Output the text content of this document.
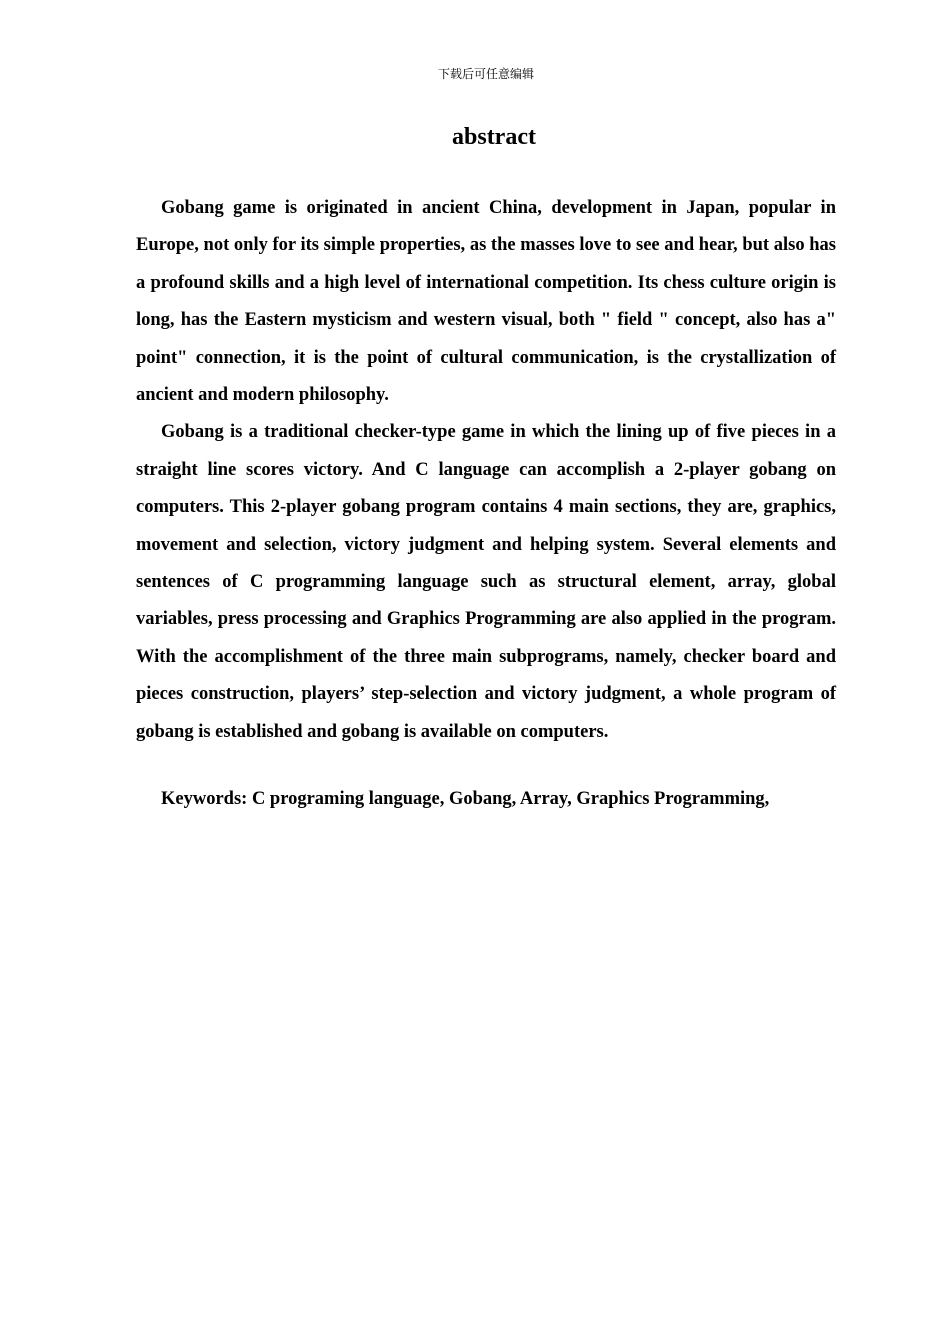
下载后可任意编辑

abstract

Gobang game is originated in ancient China, development in Japan, popular in Europe, not only for its simple properties, as the masses love to see and hear, but also has a profound skills and a high level of international competition. Its chess culture origin is long, has the Eastern mysticism and western visual, both " field " concept, also has a" point" connection, it is the point of cultural communication, is the crystallization of ancient and modern philosophy.

Gobang is a traditional checker-type game in which the lining up of five pieces in a straight line scores victory. And C language can accomplish a 2-player gobang on computers. This 2-player gobang program contains 4 main sections, they are, graphics, movement and selection, victory judgment and helping system. Several elements and sentences of C programming language such as structural element, array, global variables, press processing and Graphics Programming are also applied in the program. With the accomplishment of the three main subprograms, namely, checker board and pieces construction, players’ step-selection and victory judgment, a whole program of gobang is established and gobang is available on computers.

Keywords: C programing language, Gobang, Array, Graphics Programming,
